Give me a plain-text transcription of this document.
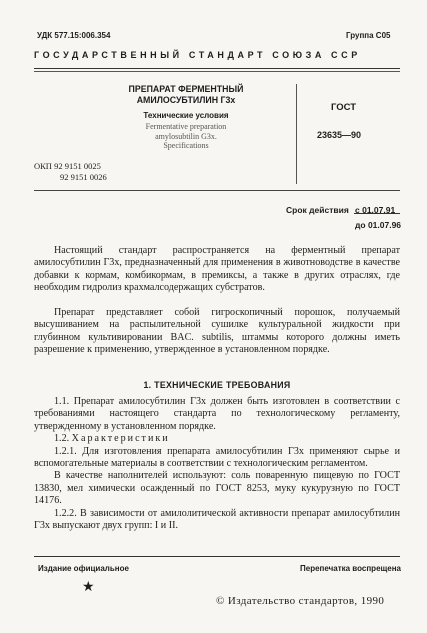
УДК 577.15:006.354	Группа С05
ГОСУДАРСТВЕННЫЙ СТАНДАРТ СОЮЗА ССР
ПРЕПАРАТ ФЕРМЕНТНЫЙ
АМИЛОСУБТИЛИН Г3х
Технические условия
Fermentative preparation
amylosubtilin G3x.
Specifications
ГОСТ
23635—90
ОКП 92 9151 0025
92 9151 0026
Срок действия с 01.07.91
до 01.07.96

Настоящий стандарт распространяется на ферментный препарат амилосубтилин Г3х, предназначенный для применения в животноводстве в качестве добавки к кормам, комбикормам, в премиксы, а также в других отраслях, где необходим гидролиз крахмалсодержащих субстратов.

Препарат представляет собой гигроскопичный порошок, получаемый высушиванием на распылительной сушилке культуральной жидкости при глубинном культивировании BAC. subtilis, штаммы которого должны иметь разрешение к применению, утвержденное в установленном порядке.

1. ТЕХНИЧЕСКИЕ ТРЕБОВАНИЯ

1.1. Препарат амилосубтилин Г3х должен быть изготовлен в соответствии с требованиями настоящего стандарта по технологическому регламенту, утвержденному в установленном порядке.

1.2. Характеристики

1.2.1. Для изготовления препарата амилосубтилин Г3х применяют сырье и вспомогательные материалы в соответствии с технологическим регламентом.

В качестве наполнителей используют: соль поваренную пищевую по ГОСТ 13830, мел химически осажденный по ГОСТ 8253, муку кукурузную по ГОСТ 14176.

1.2.2. В зависимости от амилолитической активности препарат амилосубтилин Г3х выпускают двух групп: I и II.

Издание официальное	Перепечатка воспрещена
★
© Издательство стандартов, 1990
